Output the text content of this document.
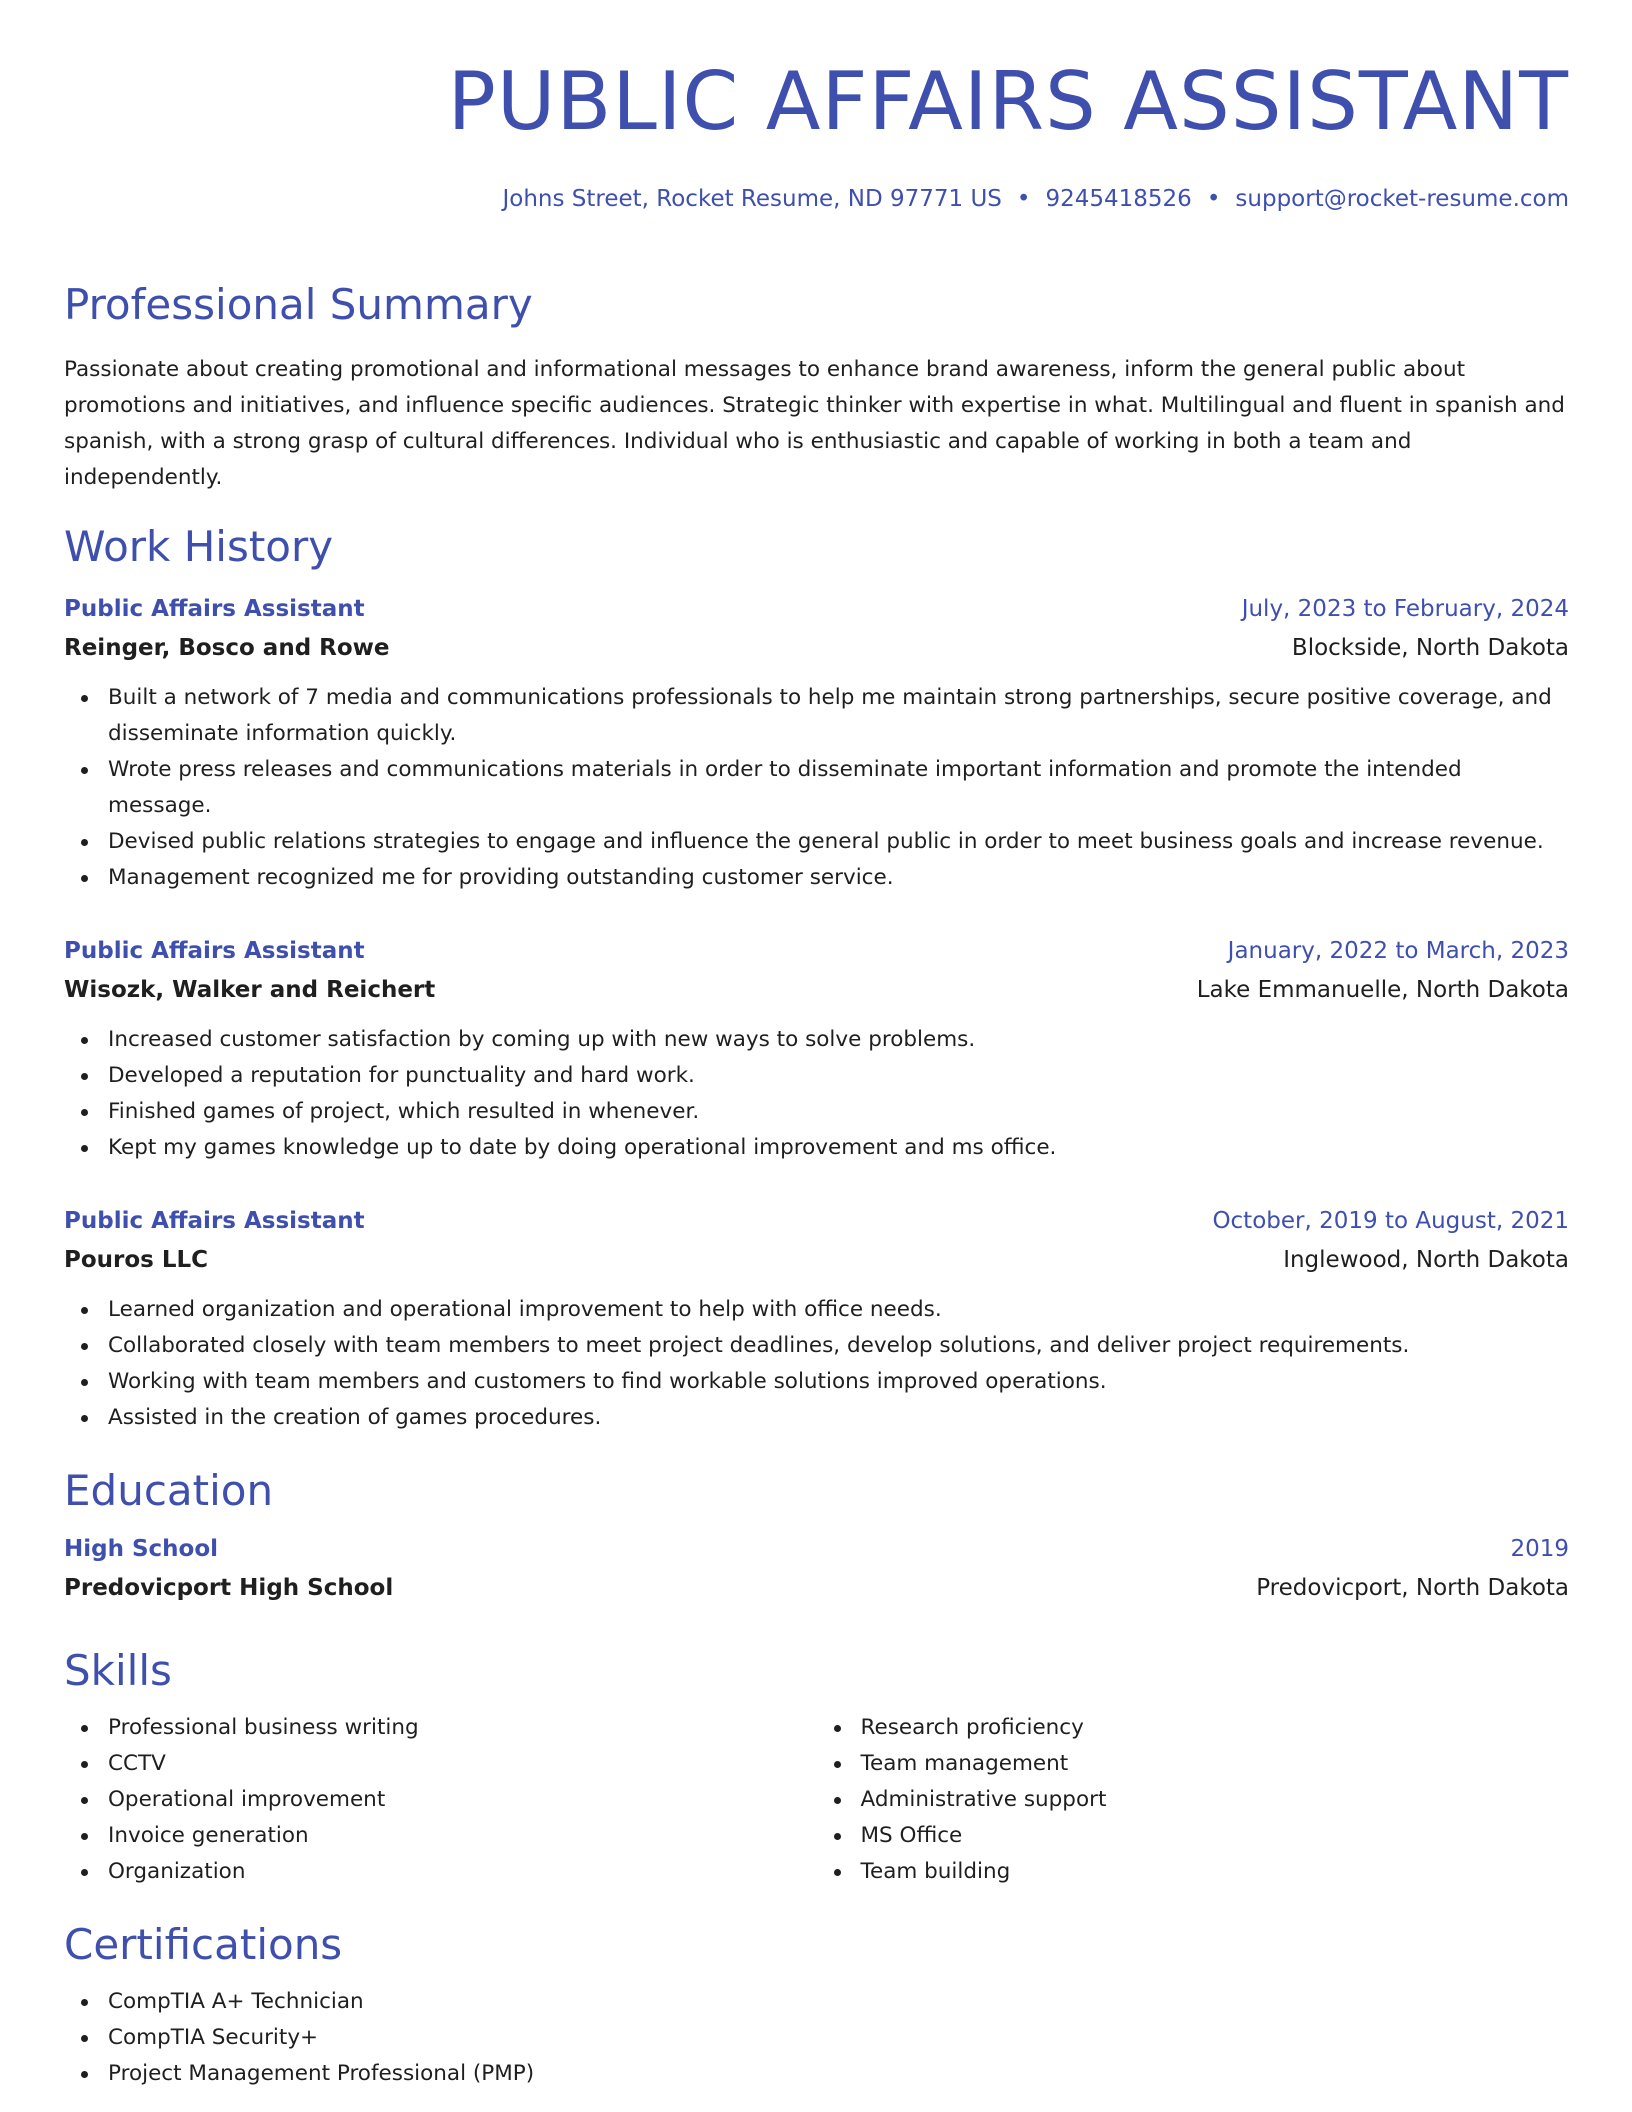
PUBLIC AFFAIRS ASSISTANT
Johns Street, Rocket Resume, ND 97771 US • 9245418526 • support@rocket-resume.com
Professional Summary

Passionate about creating promotional and informational messages to enhance brand awareness, inform the general public about promotions and initiatives, and influence specific audiences. Strategic thinker with expertise in what. Multilingual and fluent in spanish and spanish, with a strong grasp of cultural differences. Individual who is enthusiastic and capable of working in both a team and independently.

Work History
Public Affairs Assistant	July, 2023 to February, 2024
Reinger, Bosco and Rowe	Blockside, North Dakota
Built a network of 7 media and communications professionals to help me maintain strong partnerships, secure positive coverage, and disseminate information quickly.
Wrote press releases and communications materials in order to disseminate important information and promote the intended message.
Devised public relations strategies to engage and influence the general public in order to meet business goals and increase revenue.
Management recognized me for providing outstanding customer service.
Public Affairs Assistant	January, 2022 to March, 2023
Wisozk, Walker and Reichert	Lake Emmanuelle, North Dakota
Increased customer satisfaction by coming up with new ways to solve problems.
Developed a reputation for punctuality and hard work.
Finished games of project, which resulted in whenever.
Kept my games knowledge up to date by doing operational improvement and ms office.
Public Affairs Assistant	October, 2019 to August, 2021
Pouros LLC	Inglewood, North Dakota
Learned organization and operational improvement to help with office needs.
Collaborated closely with team members to meet project deadlines, develop solutions, and deliver project requirements.
Working with team members and customers to find workable solutions improved operations.
Assisted in the creation of games procedures.
Education
High School	2019
Predovicport High School	Predovicport, North Dakota
Skills
Professional business writing
CCTV
Operational improvement
Invoice generation
Organization
Research proficiency
Team management
Administrative support
MS Office
Team building
Certifications
CompTIA A+ Technician
CompTIA Security+
Project Management Professional (PMP)
